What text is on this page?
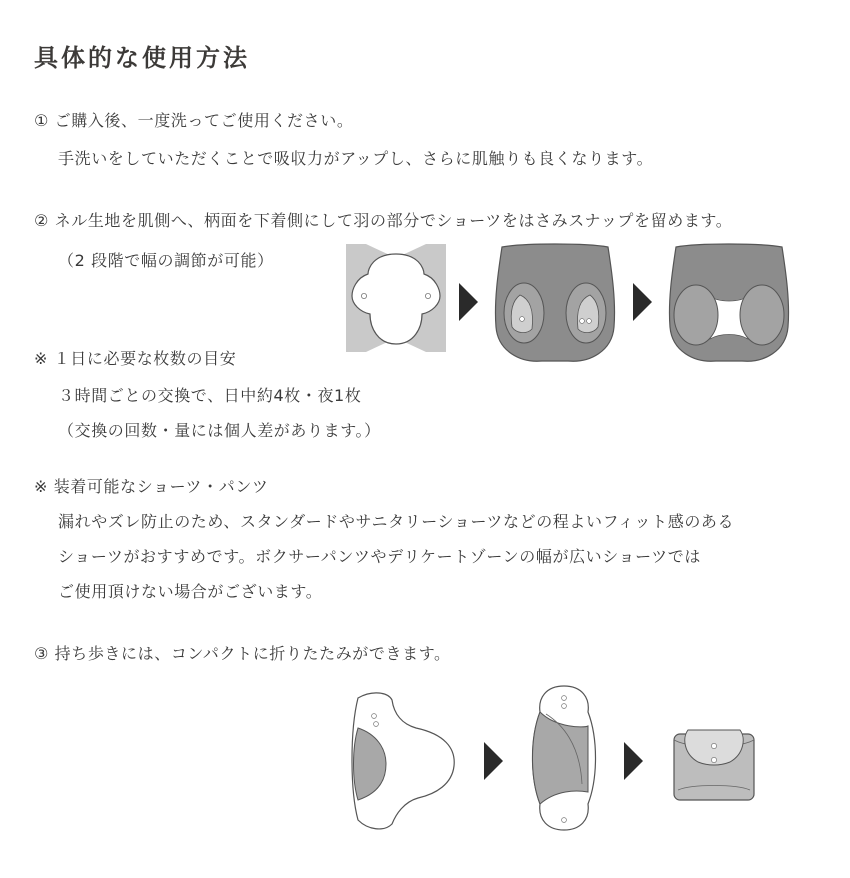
具体的な使用方法
① ご購入後、一度洗ってご使用ください。
手洗いをしていただくことで吸収力がアップし、さらに肌触りも良くなります。
② ネル生地を肌側へ、柄面を下着側にして羽の部分でショーツをはさみスナップを留めます。
（2 段階で幅の調節が可能）
※ １日に必要な枚数の目安
３時間ごとの交換で、日中約4枚・夜1枚
（交換の回数・量には個人差があります。）
※ 装着可能なショーツ・パンツ
漏れやズレ防止のため、スタンダードやサニタリーショーツなどの程よいフィット感のある
ショーツがおすすめです。ボクサーパンツやデリケートゾーンの幅が広いショーツでは
ご使用頂けない場合がございます。
③ 持ち歩きには、コンパクトに折りたたみができます。
